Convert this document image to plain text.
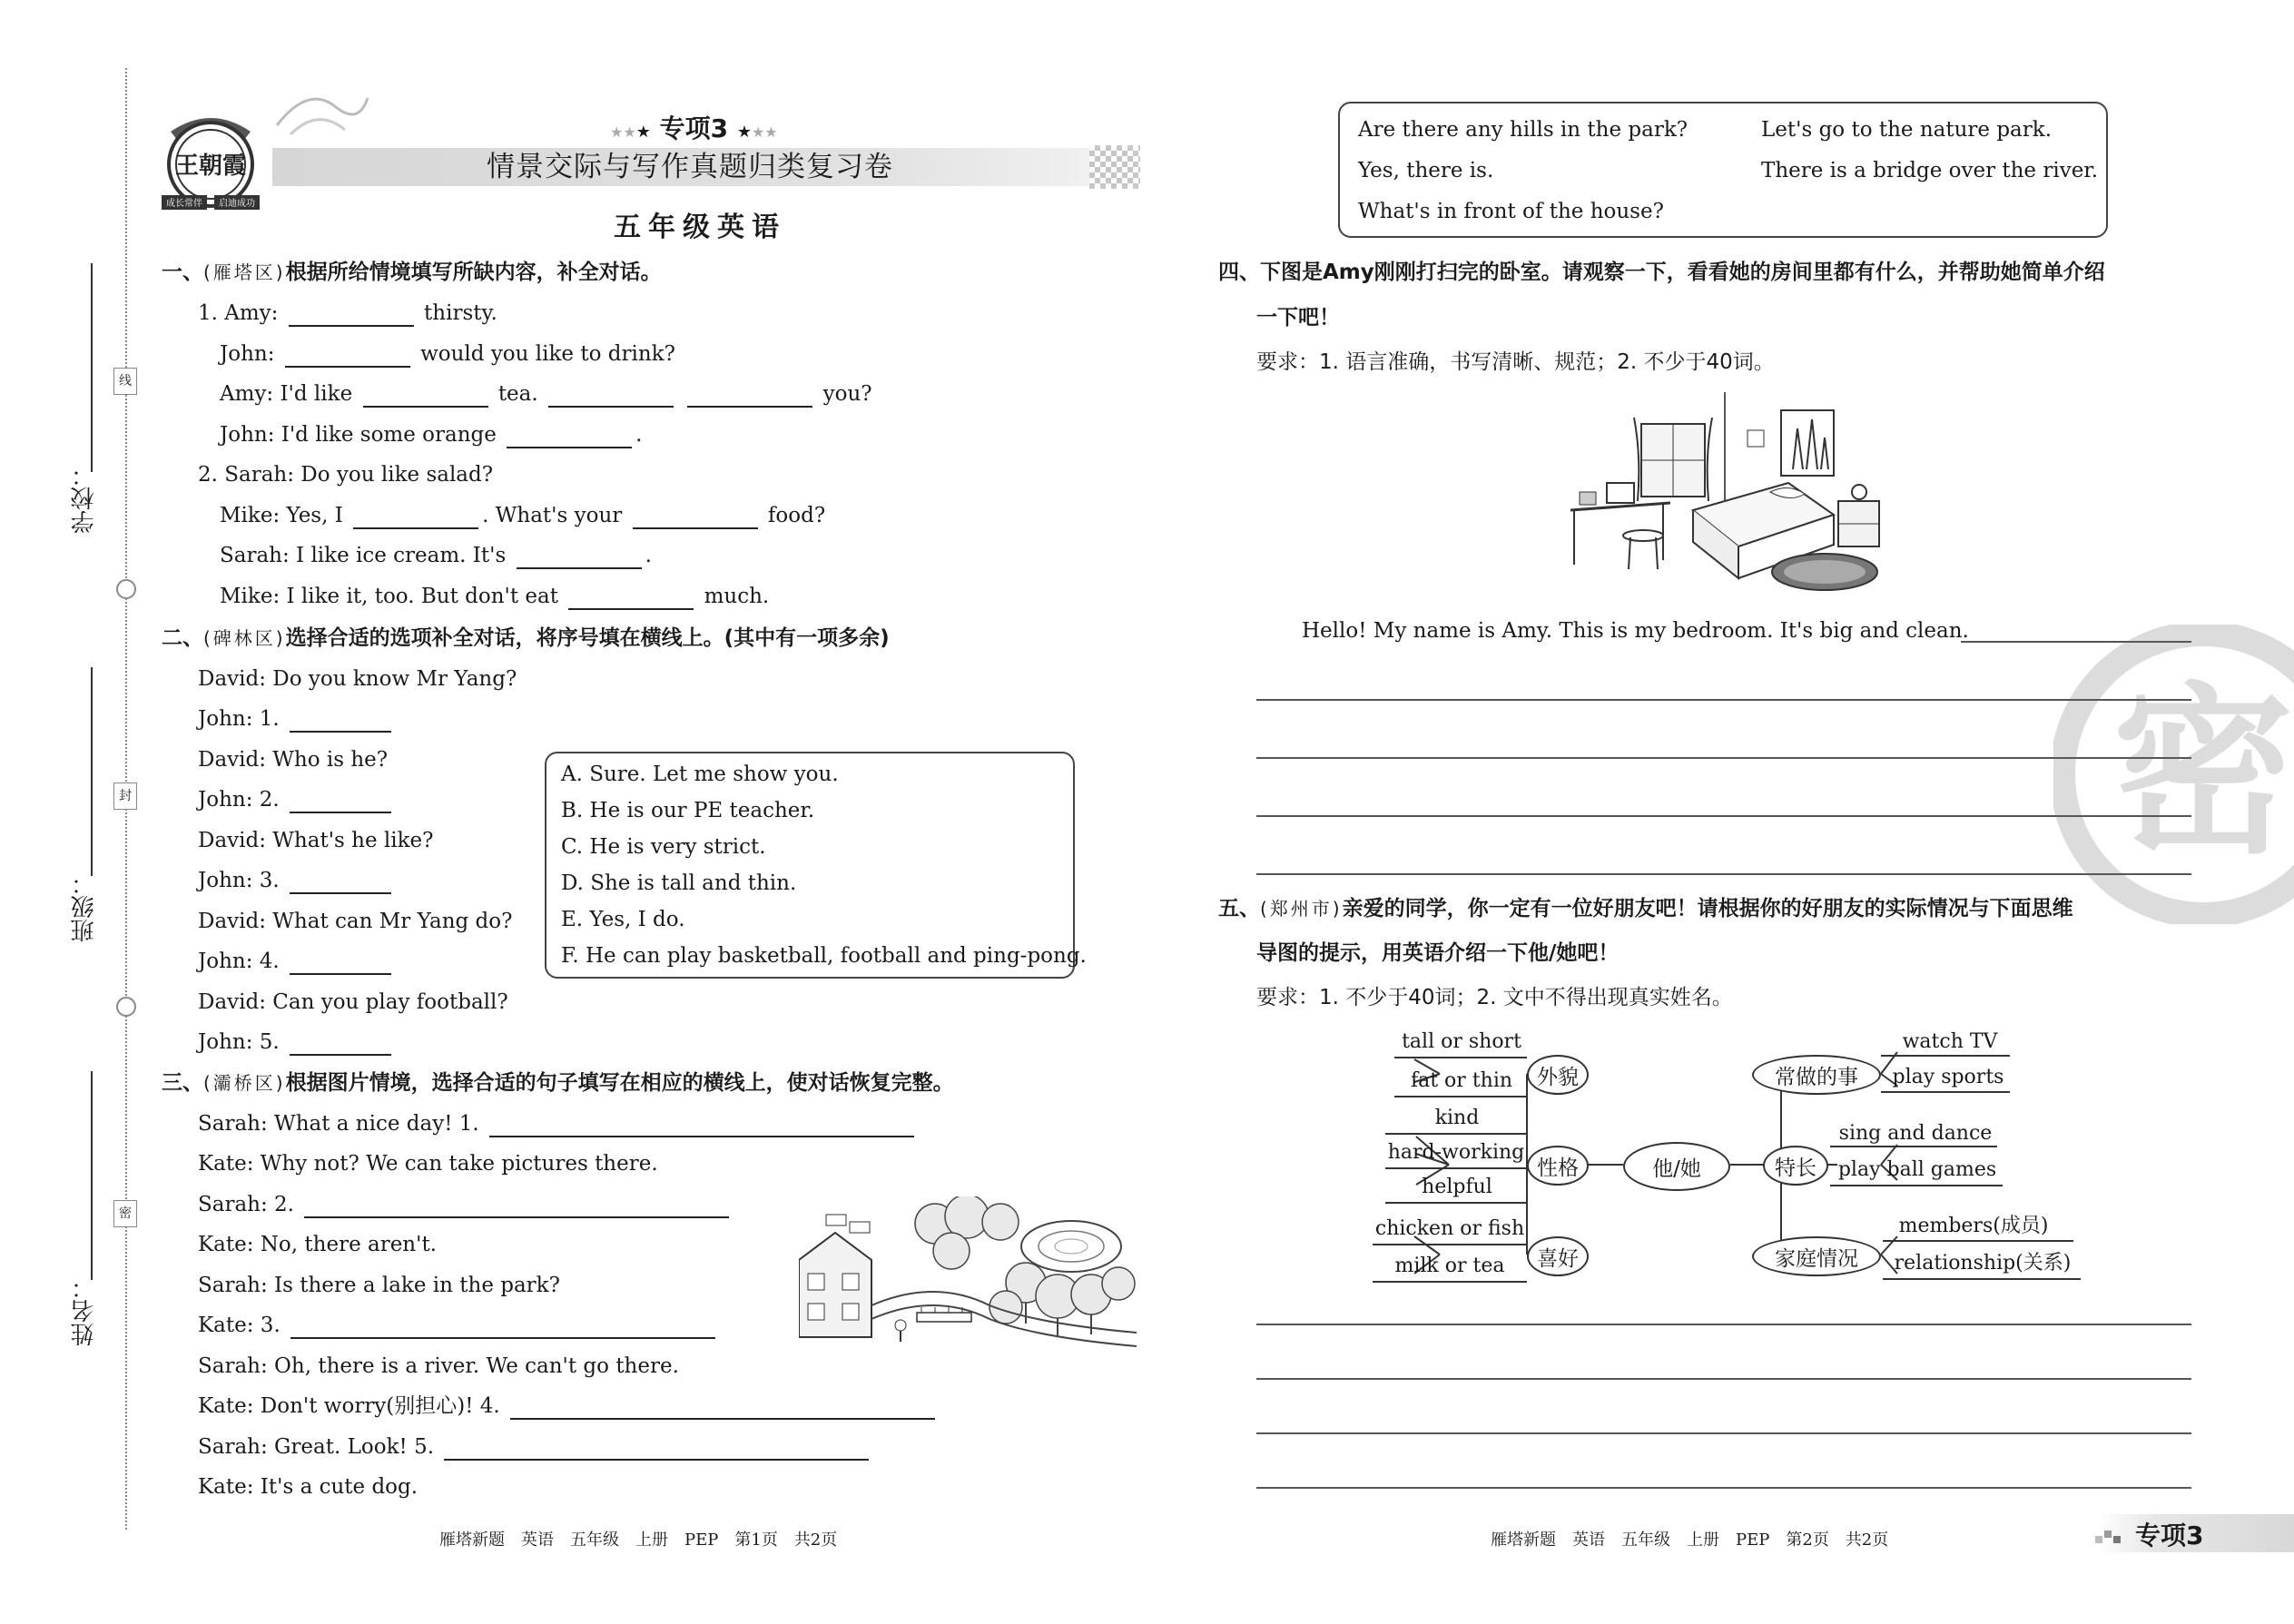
线
封
密
学校：
班级：
姓名：
王朝霞
成长常伴 启迪成功
★★★ 专项3 ★★★
情景交际与写作真题归类复习卷
五年级英语
一、(雁塔区)根据所给情境填写所缺内容，补全对话。
1. Amy:	thirsty.
John:	would you like to drink?
Amy: I'd like	tea.	you?
John: I'd like some orange	.
2. Sarah: Do you like salad?
Mike: Yes, I	. What's your	food?
Sarah: I like ice cream. It's	.
Mike: I like it, too. But don't eat	much.
二、(碑林区)选择合适的选项补全对话，将序号填在横线上。(其中有一项多余)
David: Do you know Mr Yang?
John: 1.
David: Who is he?
John: 2.
David: What's he like?
John: 3.
David: What can Mr Yang do?
John: 4.
David: Can you play football?
John: 5.
A. Sure. Let me show you.
B. He is our PE teacher.
C. He is very strict.
D. She is tall and thin.
E. Yes, I do.
F. He can play basketball, football and ping-pong.
三、(灞桥区)根据图片情境，选择合适的句子填写在相应的横线上，使对话恢复完整。
Sarah: What a nice day! 1.
Kate: Why not? We can take pictures there.
Sarah: 2.
Kate: No, there aren't.
Sarah: Is there a lake in the park?
Kate: 3.
Sarah: Oh, there is a river. We can't go there.
Kate: Don't worry(别担心)! 4.
Sarah: Great. Look! 5.
Kate: It's a cute dog.
Are there any hills in the park?	Let's go to the nature park.
Yes, there is.	There is a bridge over the river.
What's in front of the house?
四、下图是Amy刚刚打扫完的卧室。请观察一下，看看她的房间里都有什么，并帮助她简单介绍
一下吧！
要求：1. 语言准确，书写清晰、规范；2. 不少于40词。
Hello! My name is Amy. This is my bedroom. It's big and clean.
五、(郑州市)亲爱的同学，你一定有一位好朋友吧！请根据你的好朋友的实际情况与下面思维
导图的提示，用英语介绍一下他/她吧！
要求：1. 不少于40词；2. 文中不得出现真实姓名。
他/她
外貌
性格
喜好
常做的事
特长
家庭情况
tall or short
fat or thin
kind
hard-working
helpful
chicken or fish
milk or tea
watch TV
play sports
sing and dance
play ball games
members(成员)
relationship(关系)
密
雁塔新题　英语　五年级　上册　PEP　第1页　共2页	雁塔新题　英语　五年级　上册　PEP　第2页　共2页	专项3
